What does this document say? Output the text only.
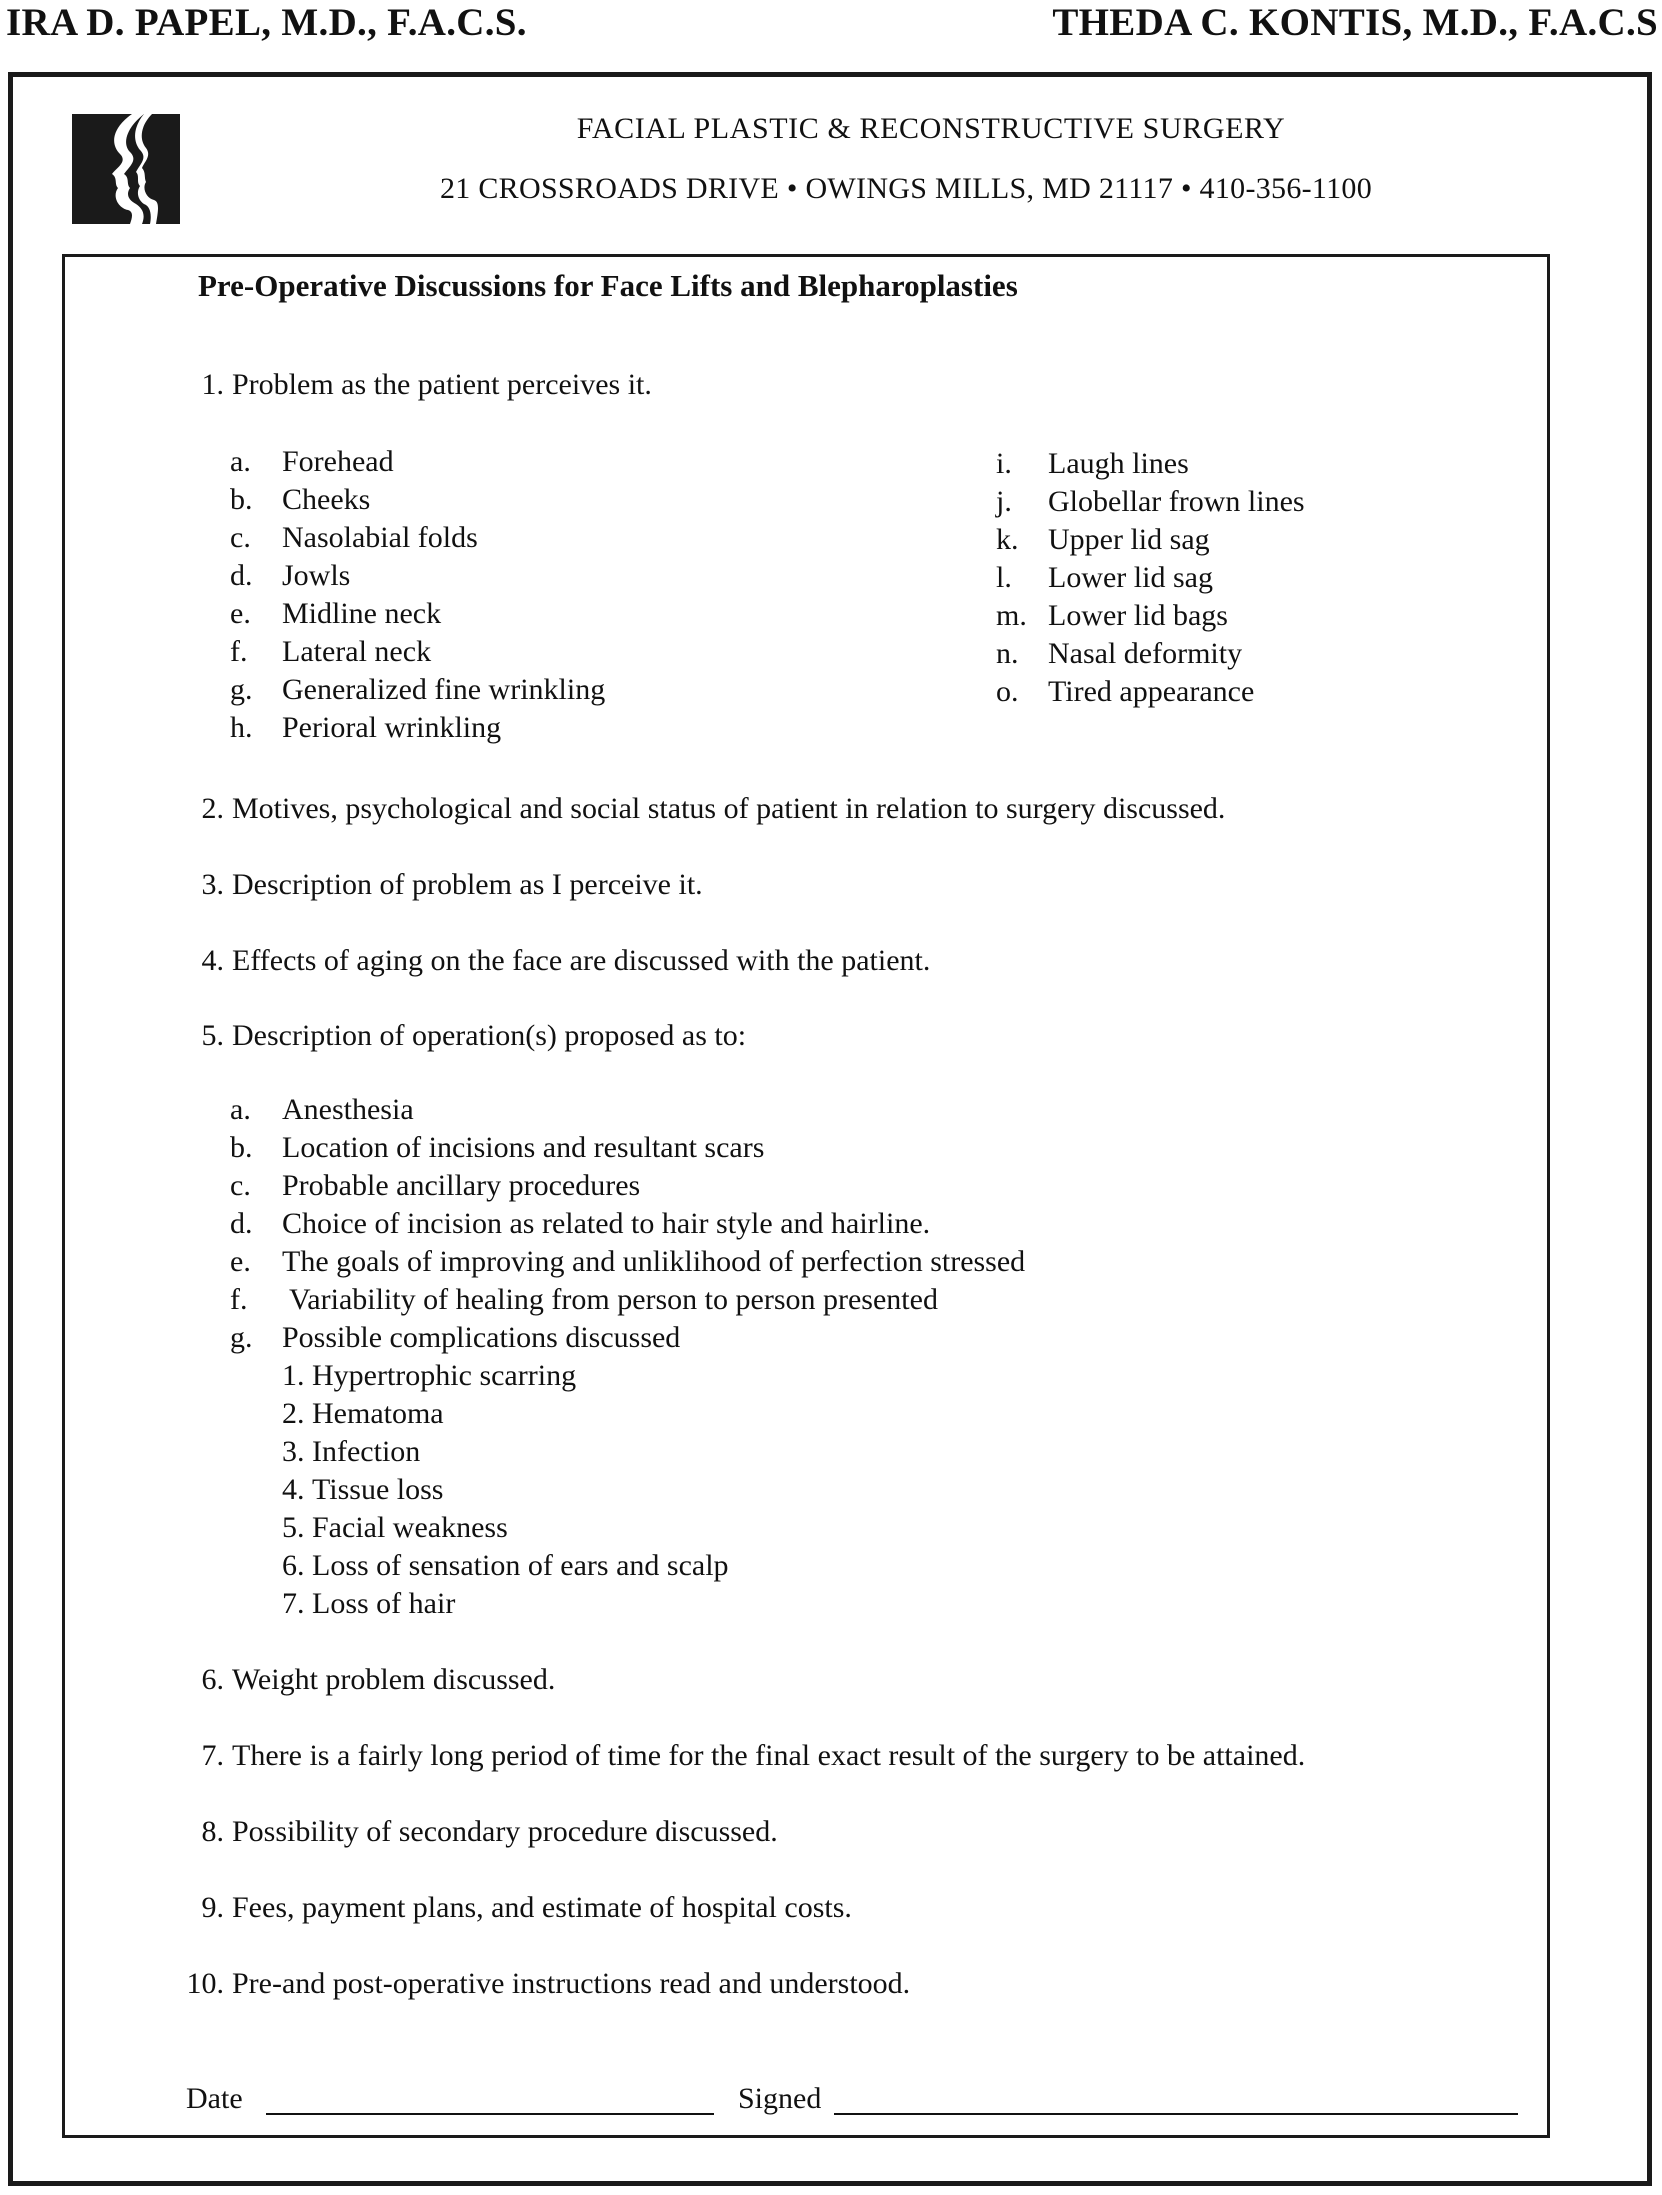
IRA D. PAPEL, M.D., F.A.C.S.	THEDA C. KONTIS, M.D., F.A.C.S
FACIAL PLASTIC & RECONSTRUCTIVE SURGERY
21 CROSSROADS DRIVE • OWINGS MILLS, MD 21117 • 410-356-1100
Pre-Operative Discussions for Face Lifts and Blepharoplasties
1. Problem as the patient perceives it.
a. Forehead
b. Cheeks
c. Nasolabial folds
d. Jowls
e. Midline neck
f. Lateral neck
g. Generalized fine wrinkling
h. Perioral wrinkling
i. Laugh lines
j. Globellar frown lines
k. Upper lid sag
l. Lower lid sag
m. Lower lid bags
n. Nasal deformity
o. Tired appearance
2. Motives, psychological and social status of patient in relation to surgery discussed.
3. Description of problem as I perceive it.
4. Effects of aging on the face are discussed with the patient.
5. Description of operation(s) proposed as to:
a. Anesthesia
b. Location of incisions and resultant scars
c. Probable ancillary procedures
d. Choice of incision as related to hair style and hairline.
e. The goals of improving and unliklihood of perfection stressed
f. Variability of healing from person to person presented
g. Possible complications discussed
1. Hypertrophic scarring
2. Hematoma
3. Infection
4. Tissue loss
5. Facial weakness
6. Loss of sensation of ears and scalp
7. Loss of hair
6. Weight problem discussed.
7. There is a fairly long period of time for the final exact result of the surgery to be attained.
8. Possibility of secondary procedure discussed.
9. Fees, payment plans, and estimate of hospital costs.
10. Pre-and post-operative instructions read and understood.
Date	Signed
